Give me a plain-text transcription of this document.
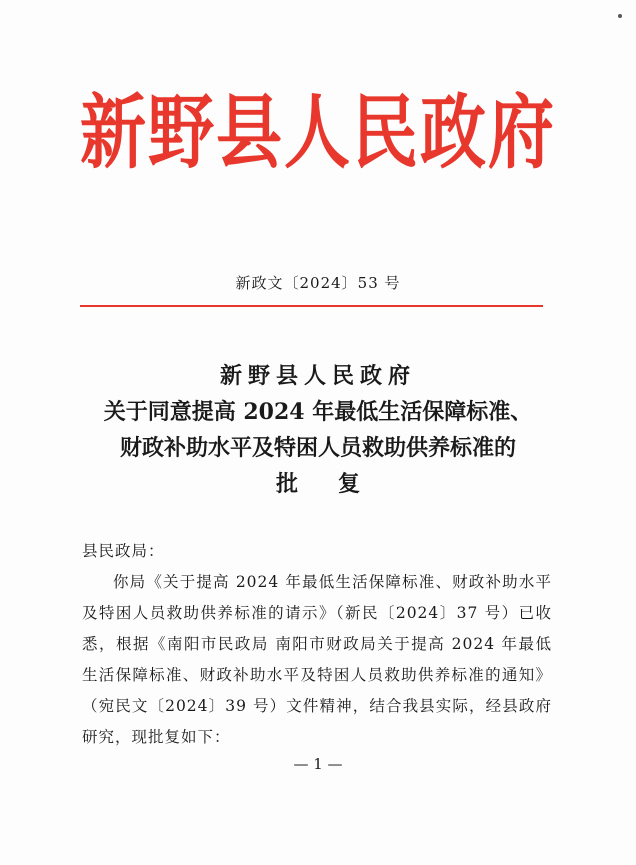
新野县人民政府
新政文〔2024〕53 号
新野县人民政府
关于同意提高 2024 年最低生活保障标准、
财政补助水平及特困人员救助供养标准的
批复
县民政局：
你局《关于提高 2024 年最低生活保障标准、财政补助水平及特困人员救助供养标准的请示》（新民〔2024〕37 号）已收悉，根据《南阳市民政局 南阳市财政局关于提高 2024 年最低生活保障标准、财政补助水平及特困人员救助供养标准的通知》（宛民文〔2024〕39 号）文件精神，结合我县实际，经县政府研究，现批复如下：
— 1 —
